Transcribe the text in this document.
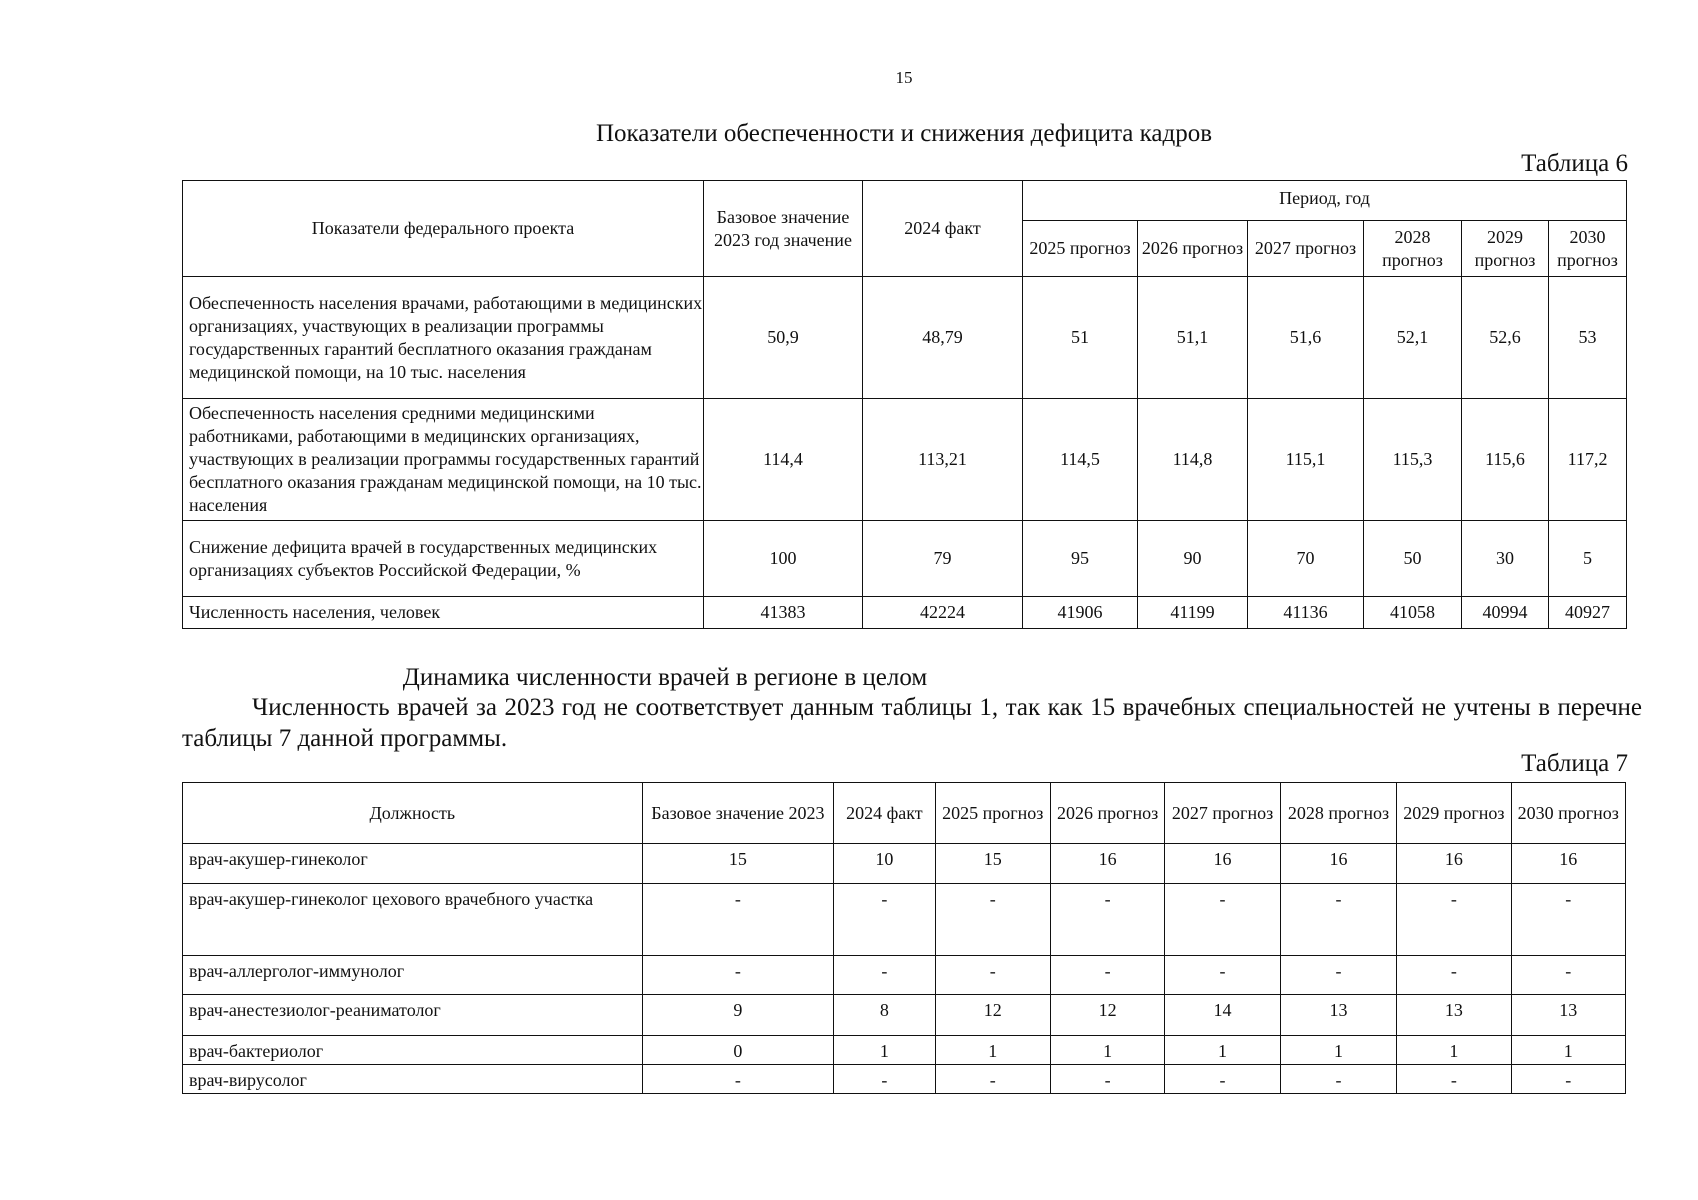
15
Показатели обеспеченности и снижения дефицита кадров
Таблица 6
Показатели федерального проекта	Базовое значение 2023 год значение	2024 факт	Период, год					
			2025 прогноз	2026 прогноз	2027 прогноз	2028 прогноз	2029 прогноз	2030 прогноз
Обеспеченность населения врачами, работающими в медицинских организациях, участвующих в реализации программы государственных гарантий бесплатного оказания гражданам медицинской помощи, на 10 тыс. населения	50,9	48,79	51	51,1	51,6	52,1	52,6	53
Обеспеченность населения средними медицинскими работниками, работающими в медицинских организациях, участвующих в реализации программы государственных гарантий бесплатного оказания гражданам медицинской помощи, на 10 тыс. населения	114,4	113,21	114,5	114,8	115,1	115,3	115,6	117,2
Снижение дефицита врачей в государственных медицинских организациях субъектов Российской Федерации, %	100	79	95	90	70	50	30	5
Численность населения, человек	41383	42224	41906	41199	41136	41058	40994	40927
Динамика численности врачей в регионе в целом
Численность врачей за 2023 год не соответствует данным таблицы 1, так как 15 врачебных специальностей не учтены в перечне таблицы 7 данной программы.
Таблица 7
Должность	Базовое значение 2023	2024 факт	2025 прогноз	2026 прогноз	2027 прогноз	2028 прогноз	2029 прогноз	2030 прогноз
врач-акушер-гинеколог	15	10	15	16	16	16	16	16
врач-акушер-гинеколог цехового врачебного участка	-	-	-	-	-	-	-	-
врач-аллерголог-иммунолог	-	-	-	-	-	-	-	-
врач-анестезиолог-реаниматолог	9	8	12	12	14	13	13	13
врач-бактериолог	0	1	1	1	1	1	1	1
врач-вирусолог	-	-	-	-	-	-	-	-
